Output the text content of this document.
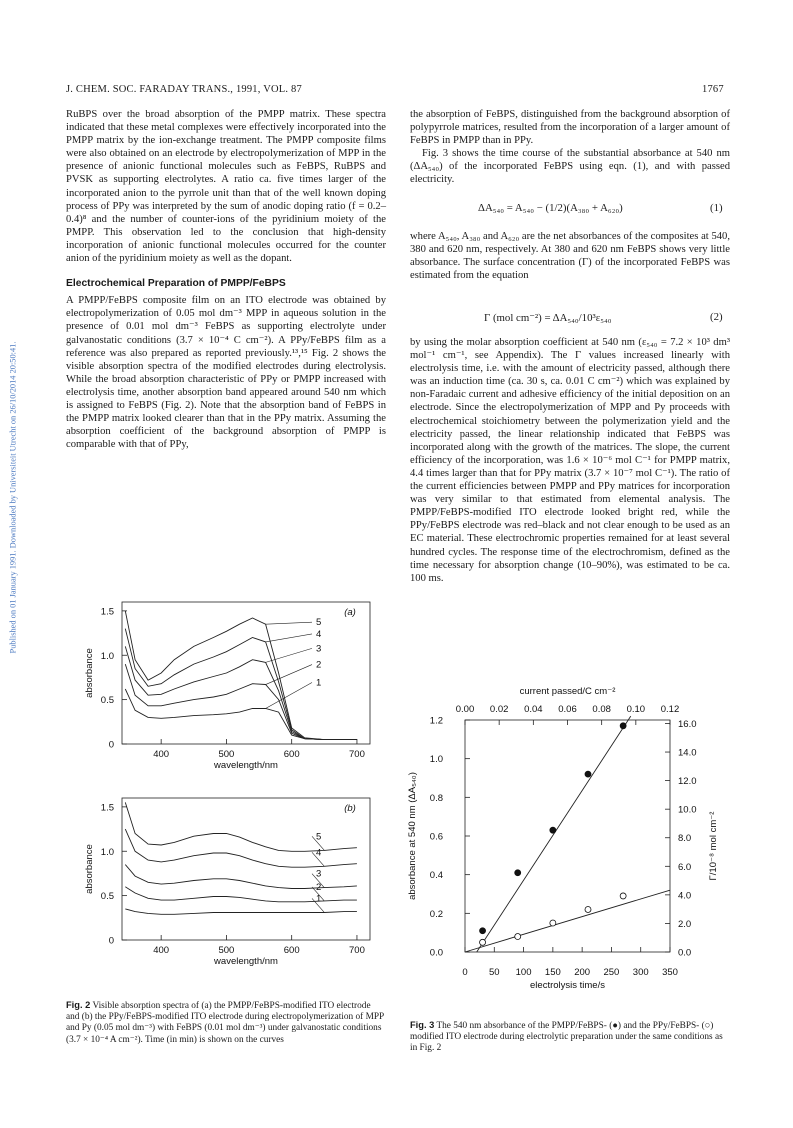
J. CHEM. SOC. FARADAY TRANS., 1991, VOL. 87	1767
Published on 01 January 1991. Downloaded by Universiteit Utrecht on 26/10/2014 20:50:41.

RuBPS over the broad absorption of the PMPP matrix. These spectra indicated that these metal complexes were effectively incorporated into the PMPP matrix by the ion-exchange treatment. The PMPP composite films were also obtained on an electrode by electropolymerization of MPP in the presence of anionic functional molecules such as FeBPS, RuBPS and PVSK as supporting electrolytes. A ratio ca. five times larger of the incorporated anion to the pyrrole unit than that of the well known doping process of PPy was interpreted by the sum of anodic doping ratio (f = 0.2–0.4)⁸ and the number of counter-ions of the pyridinium moiety of the PMPP. This observation led to the conclusion that high-density incorporation of anionic functional molecules occurred for the counter anion of the pyridinium moiety as well as the dopant.

Electrochemical Preparation of PMPP/FeBPS

A PMPP/FeBPS composite film on an ITO electrode was obtained by electropolymerization of 0.05 mol dm⁻³ MPP in aqueous solution in the presence of 0.01 mol dm⁻³ FeBPS as supporting electrolyte under galvanostatic conditions (3.7 × 10⁻⁴ C cm⁻²). A PPy/FeBPS film as a reference was also prepared as reported previously.¹³,¹⁵ Fig. 2 shows the visible absorption spectra of the modified electrodes during electrolysis. While the broad absorption characteristic of PPy or PMPP increased with electrolysis time, another absorption band appeared around 540 nm which is assigned to FeBPS (Fig. 2). Note that the absorption band of FeBPS in the PMPP matrix looked clearer than that in the PPy matrix. Assuming the absorption coefficient of the background absorption of PMPP is comparable with that of PPy,

the absorption of FeBPS, distinguished from the background absorption of polypyrrole matrices, resulted from the incorporation of a larger amount of FeBPS in PMPP than in PPy.

Fig. 3 shows the time course of the substantial absorbance at 540 nm (ΔA₅₄₀) of the incorporated FeBPS using eqn. (1), and with passed electricity.

ΔA₅₄₀ = A₅₄₀ − (1/2)(A₃₈₀ + A₆₂₀)	(1)

where A₅₄₀, A₃₈₀ and A₆₂₀ are the net absorbances of the composites at 540, 380 and 620 nm, respectively. At 380 and 620 nm FeBPS shows very little absorbance. The surface concentration (Γ) of the incorporated FeBPS was estimated from the equation

Γ (mol cm⁻²) = ΔA₅₄₀/10³ε₅₄₀	(2)

by using the molar absorption coefficient at 540 nm (ε₅₄₀ = 7.2 × 10³ dm³ mol⁻¹ cm⁻¹, see Appendix). The Γ values increased linearly with electrolysis time, i.e. with the amount of electricity passed, although there was an induction time (ca. 30 s, ca. 0.01 C cm⁻²) which was explained by non-Faradaic current and adhesive efficiency of the initial deposition on an electrode. Since the electropolymerization of MPP and Py proceeds with electrochemical stoichiometry between the polymerization yield and the electricity passed, the linear relationship indicated that FeBPS was incorporated along with the growth of the matrices. The slope, the current efficiency of the incorporation, was 1.6 × 10⁻⁶ mol C⁻¹ for PMPP matrix, 4.4 times larger than that for PPy matrix (3.7 × 10⁻⁷ mol C⁻¹). The ratio of the current efficiencies between PMPP and PPy matrices for incorporation was very similar to that estimated from elemental analysis. The PMPP/FeBPS-modified ITO electrode looked bright red, while the PPy/FeBPS electrode was red–black and not clear enough to be used as an EC material. These electrochromic properties remained for at least several hundred cycles. The response time of the electrochromism, defined as the time necessary for absorption change (10–90%), was estimated to be ca. 100 ms.

400	500	600	700
0
0.5
1.0
1.5
wavelength/nm
absorbance
(a)
1
2
3
4
5
400	500	600	700
0
0.5
1.0
1.5
wavelength/nm
absorbance
(b)
1
2
3
4
5
0 50 100 150 200 250 300 350
0.0
0.2
0.4
0.6
0.8
1.0
1.2
0.00 0.02 0.04 0.06 0.08 0.10 0.12
0.0
2.0
4.0
6.0
8.0
10.0
12.0
14.0
16.0
electrolysis time/s
current passed/C cm⁻²
absorbance at 540 nm (ΔA₅₄₀)	Γ/10⁻⁸ mol cm⁻²
Fig. 2 Visible absorption spectra of (a) the PMPP/FeBPS-modified ITO electrode and (b) the PPy/FeBPS-modified ITO electrode during electropolymerization of MPP and Py (0.05 mol dm⁻³) with FeBPS (0.01 mol dm⁻³) under galvanostatic conditions (3.7 × 10⁻⁴ A cm⁻²). Time (in min) is shown on the curves
Fig. 3 The 540 nm absorbance of the PMPP/FeBPS- (●) and the PPy/FeBPS- (○) modified ITO electrode during electrolytic preparation under the same conditions as in Fig. 2
